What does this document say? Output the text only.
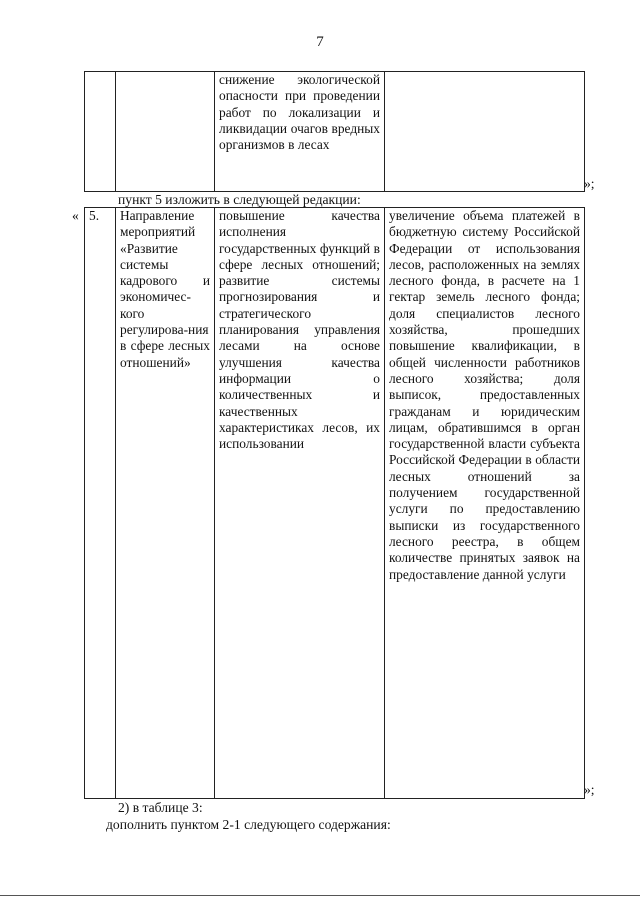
7
		снижение экологической опасности при проведении работ по локализации и ликвидации очагов вредных организмов в лесах	
»;
пункт 5 изложить в следующей редакции:
« 5.	Направление мероприятий «Развитие системы кадрового и экономичес-кого регулирова-ния в сфере лесных отношений»	повышение качества исполнения государственных функций в сфере лесных отношений; развитие системы прогнозирования и стратегического планирования управления лесами на основе улучшения качества информации о количественных и качественных характеристиках лесов, их использовании	увеличение объема платежей в бюджетную систему Российской Федерации от использования лесов, расположенных на землях лесного фонда, в расчете на 1 гектар земель лесного фонда; доля специалистов лесного хозяйства, прошедших повышение квалификации, в общей численности работников лесного хозяйства; доля выписок, предоставленных гражданам и юридическим лицам, обратившимся в орган государственной власти субъекта Российской Федерации в области лесных отношений за получением государственной услуги по предоставлению выписки из государственного лесного реестра, в общем количестве принятых заявок на предоставление данной услуги
»;
2) в таблице 3:
дополнить пунктом 2-1 следующего содержания:
